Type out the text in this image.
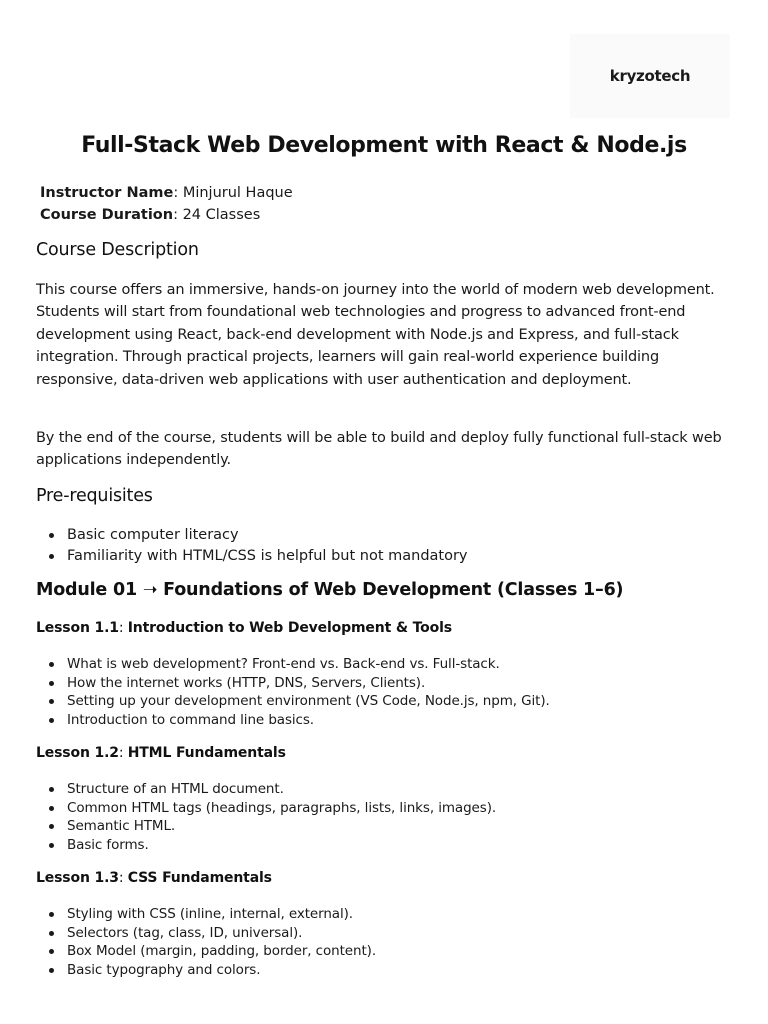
kryzotech
Full-Stack Web Development with React & Node.js
Instructor Name: Minjurul Haque
Course Duration: 24 Classes
Course Description

This course offers an immersive, hands-on journey into the world of modern web development. Students will start from foundational web technologies and progress to advanced front-end development using React, back-end development with Node.js and Express, and full-stack integration. Through practical projects, learners will gain real-world experience building responsive, data-driven web applications with user authentication and deployment.

By the end of the course, students will be able to build and deploy fully functional full-stack web applications independently.

Pre-requisites
Basic computer literacy
Familiarity with HTML/CSS is helpful but not mandatory
Module 01 ➝ Foundations of Web Development (Classes 1–6)

Lesson 1.1: Introduction to Web Development & Tools

What is web development? Front-end vs. Back-end vs. Full-stack.
How the internet works (HTTP, DNS, Servers, Clients).
Setting up your development environment (VS Code, Node.js, npm, Git).
Introduction to command line basics.

Lesson 1.2: HTML Fundamentals

Structure of an HTML document.
Common HTML tags (headings, paragraphs, lists, links, images).
Semantic HTML.
Basic forms.

Lesson 1.3: CSS Fundamentals

Styling with CSS (inline, internal, external).
Selectors (tag, class, ID, universal).
Box Model (margin, padding, border, content).
Basic typography and colors.
